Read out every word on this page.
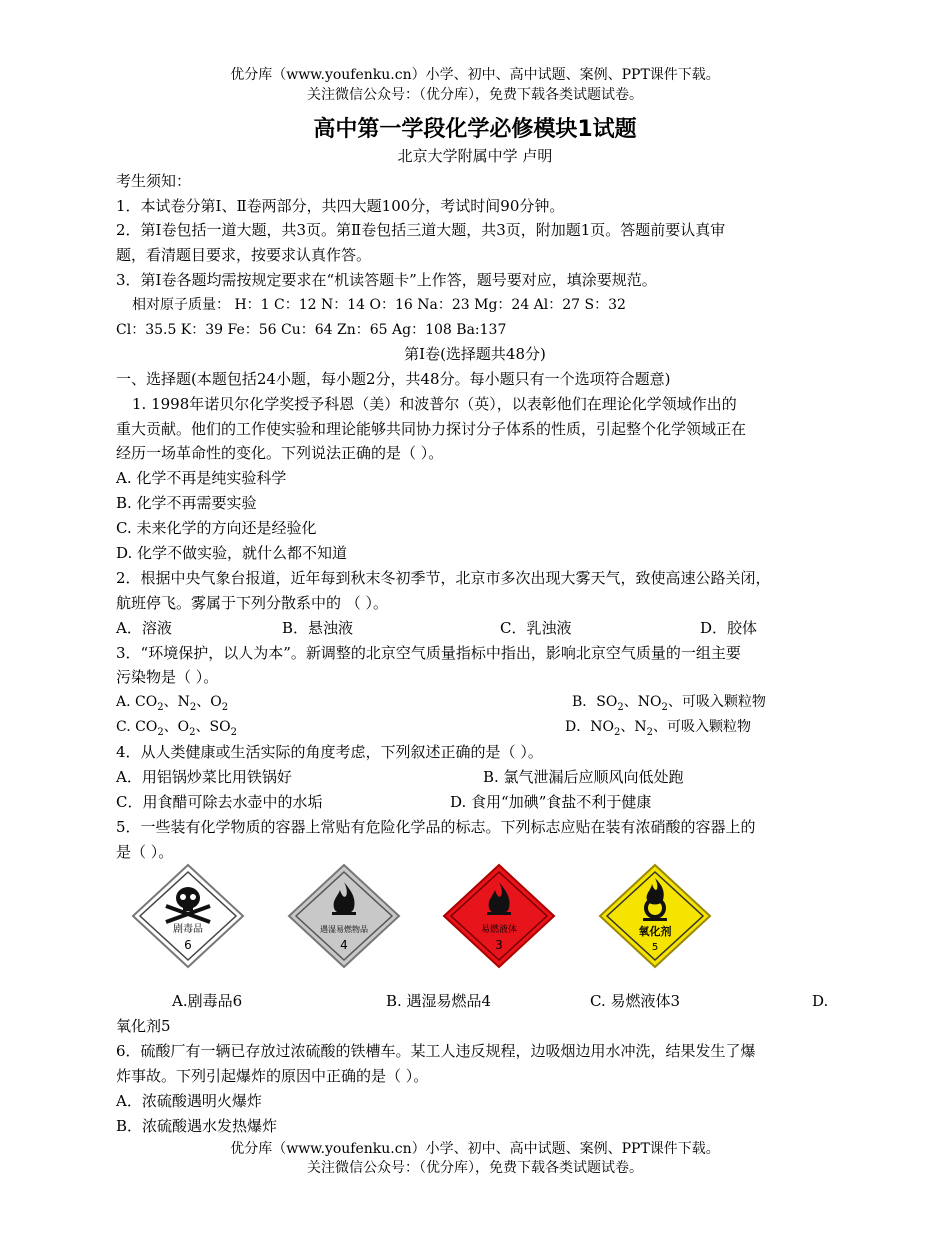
优分库（www.youfenku.cn）小学、初中、高中试题、案例、PPT课件下载。
关注微信公众号：（优分库），免费下载各类试题试卷。
高中第一学段化学必修模块1试题
北京大学附属中学 卢明
考生须知：
1．本试卷分第Ⅰ、Ⅱ卷两部分，共四大题100分，考试时间90分钟。
2．第Ⅰ卷包括一道大题，共3页。第Ⅱ卷包括三道大题，共3页，附加题1页。答题前要认真审
题，看清题目要求，按要求认真作答。
3．第Ⅰ卷各题均需按规定要求在“机读答题卡”上作答，题号要对应，填涂要规范。
相对原子质量： H：1 C：12 N：14 O：16 Na：23 Mg：24 Al：27 S：32
Cl：35.5 K：39 Fe：56 Cu：64 Zn：65 Ag：108 Ba:137
第Ⅰ卷(选择题共48分)
一、选择题(本题包括24小题，每小题2分，共48分。每小题只有一个选项符合题意)
1. 1998年诺贝尔化学奖授予科恩（美）和波普尔（英），以表彰他们在理论化学领域作出的
重大贡献。他们的工作使实验和理论能够共同协力探讨分子体系的性质，引起整个化学领域正在
经历一场革命性的变化。下列说法正确的是（ ）。
A. 化学不再是纯实验科学
B. 化学不再需要实验
C. 未来化学的方向还是经验化
D. 化学不做实验，就什么都不知道
2．根据中央气象台报道，近年每到秋末冬初季节，北京市多次出现大雾天气，致使高速公路关闭，
航班停飞。雾属于下列分散系中的 （ ）。
A．溶液	B．悬浊液	C．乳浊液	D．胶体
3．“环境保护，以人为本”。新调整的北京空气质量指标中指出，影响北京空气质量的一组主要
污染物是（ ）。
A. $CO_2$、$N_2$、$O_2$	B．$SO_2$、$NO_2$、可吸入颗粒物
C. $CO_2$、$O_2$、$SO_2$	D．$NO_2$、$N_2$、可吸入颗粒物
4．从人类健康或生活实际的角度考虑，下列叙述正确的是（ ）。
A．用铝锅炒菜比用铁锅好	B. 氯气泄漏后应顺风向低处跑
C．用食醋可除去水壶中的水垢	D. 食用“加碘”食盐不利于健康
5．一些装有化学物质的容器上常贴有危险化学品的标志。下列标志应贴在装有浓硝酸的容器上的
是（ ）。
剧毒品
6
遇湿易燃物品
4
易燃液体
3
氧化剂
5
A.剧毒品6	B. 遇湿易燃品4	C. 易燃液体3	D.
氧化剂5
6．硫酸厂有一辆已存放过浓硫酸的铁槽车。某工人违反规程，边吸烟边用水冲洗，结果发生了爆
炸事故。下列引起爆炸的原因中正确的是（ ）。
A．浓硫酸遇明火爆炸
B．浓硫酸遇水发热爆炸
优分库（www.youfenku.cn）小学、初中、高中试题、案例、PPT课件下载。
关注微信公众号：（优分库），免费下载各类试题试卷。
